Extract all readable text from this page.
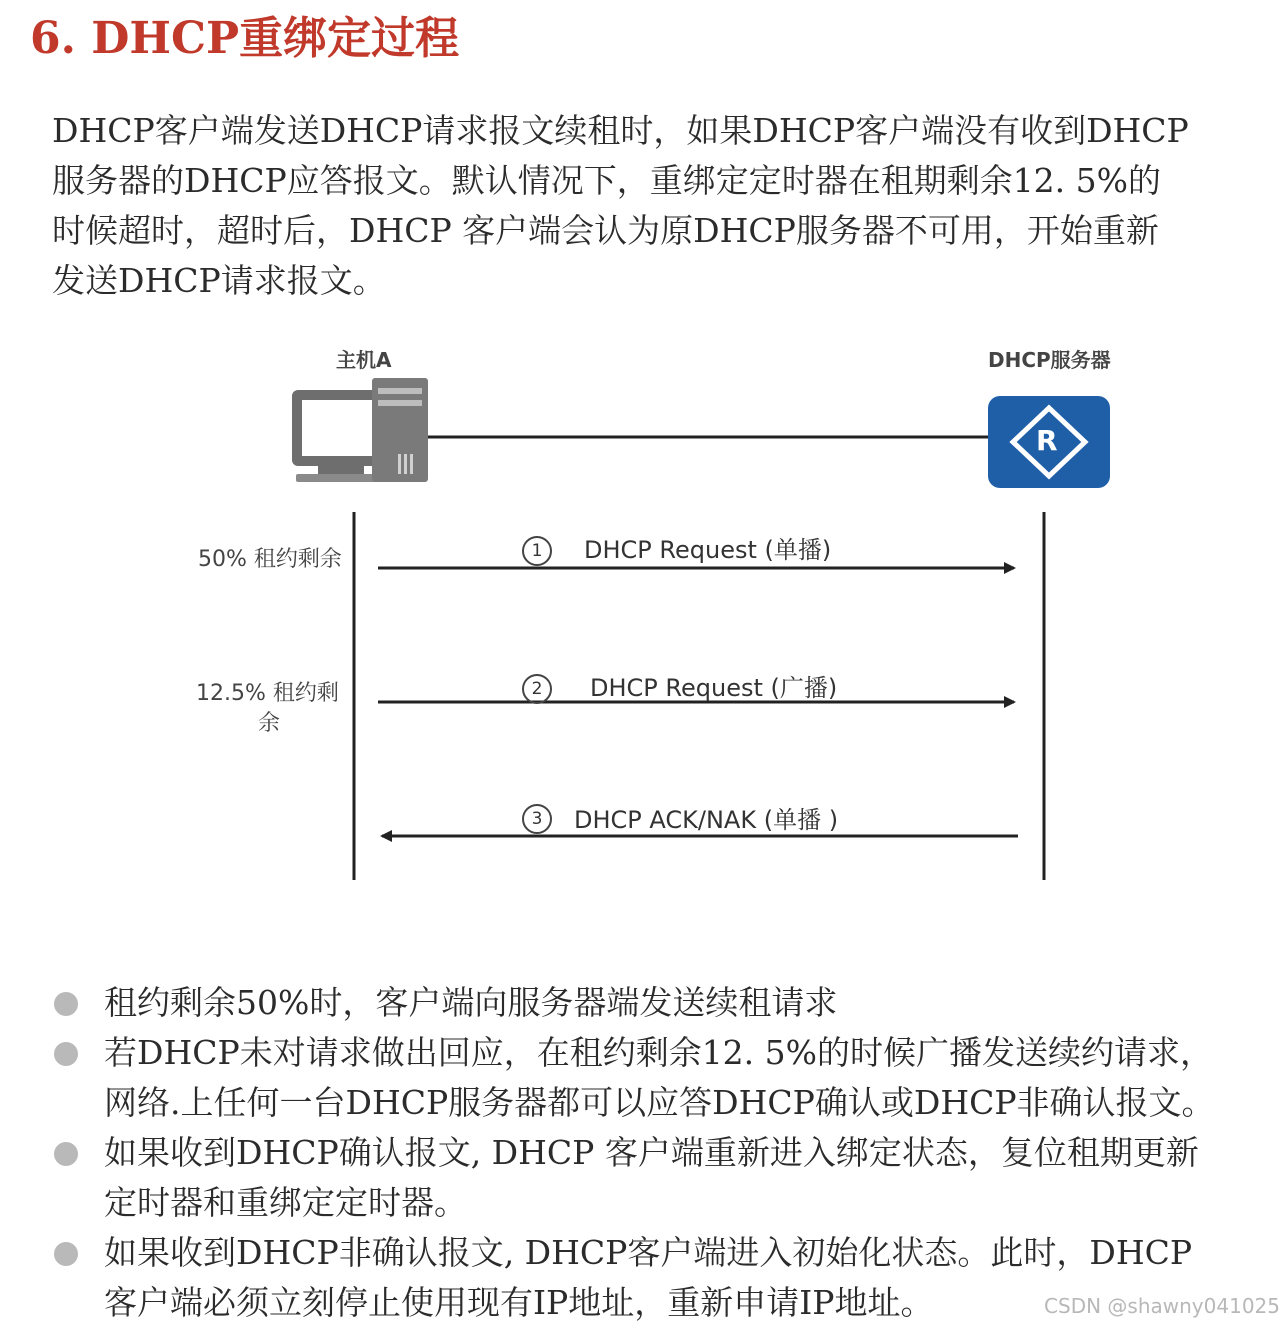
6. DHCP重绑定过程
DHCP客户端发送DHCP请求报文续租时，如果DHCP客户端没有收到DHCP
服务器的DHCP应答报文。默认情况下，重绑定定时器在租期剩余12. 5%的
时候超时，超时后，DHCP 客户端会认为原DHCP服务器不可用，开始重新
发送DHCP请求报文。
主机A	DHCP服务器
R
50% 租约剩余
12.5% 租约剩
余
1	DHCP Request (单播)
2	DHCP Request (广播)
3	DHCP ACK/NAK (单播 )
租约剩余50%时，客户端向服务器端发送续租请求
若DHCP未对请求做出回应，在租约剩余12. 5%的时候广播发送续约请求，
网络.上任何一台DHCP服务器都可以应答DHCP确认或DHCP非确认报文。
如果收到DHCP确认报文, DHCP 客户端重新进入绑定状态，复位租期更新
定时器和重绑定定时器。
如果收到DHCP非确认报文, DHCP客户端进入初始化状态。此时，DHCP
客户端必须立刻停止使用现有IP地址，重新申请IP地址。	CSDN @shawny041025
